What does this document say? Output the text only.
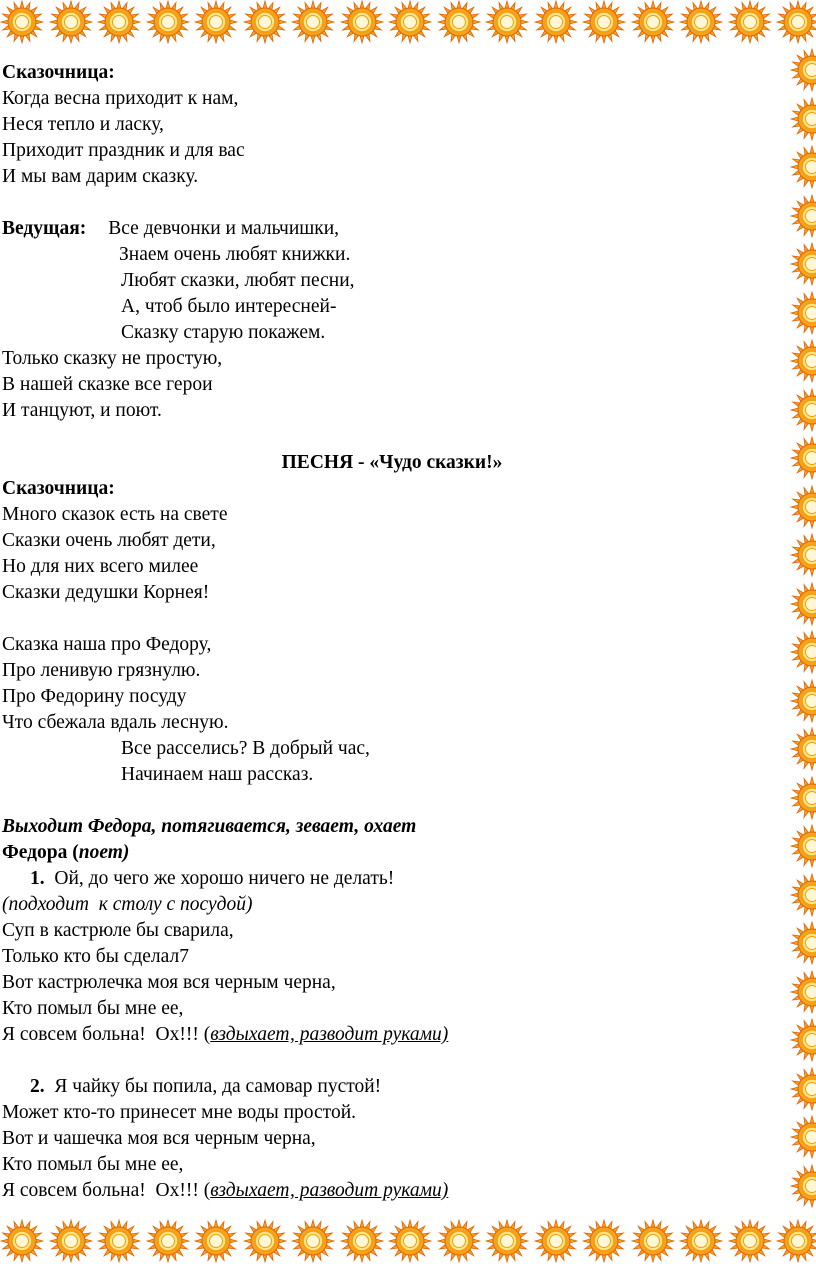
Сказочница:
Когда весна приходит к нам,
Неся тепло и ласку,
Приходит праздник и для вас
И мы вам дарим сказку.
Ведущая: Все девчонки и мальчишки,
Знаем очень любят книжки.
Любят сказки, любят песни,
А, чтоб было интересней-
Сказку старую покажем.
Только сказку не простую,
В нашей сказке все герои
И танцуют, и поют.
ПЕСНЯ - «Чудо сказки!»
Сказочница:
Много сказок есть на свете
Сказки очень любят дети,
Но для них всего милее
Сказки дедушки Корнея!
Сказка наша про Федору,
Про ленивую грязнулю.
Про Федорину посуду
Что сбежала вдаль лесную.
Все расселись? В добрый час,
Начинаем наш рассказ.
Выходит Федора, потягивается, зевает, охает
Федора (поет)
1. Ой, до чего же хорошо ничего не делать!
(подходит  к столу с посудой)
Суп в кастрюле бы сварила,
Только кто бы сделал7
Вот кастрюлечка моя вся черным черна,
Кто помыл бы мне ее,
Я совсем больна!  Ох!!! (вздыхает, разводит руками)
2. Я чайку бы попила, да самовар пустой!
Может кто-то принесет мне воды простой.
Вот и чашечка моя вся черным черна,
Кто помыл бы мне ее,
Я совсем больна!  Ох!!! (вздыхает, разводит руками)
